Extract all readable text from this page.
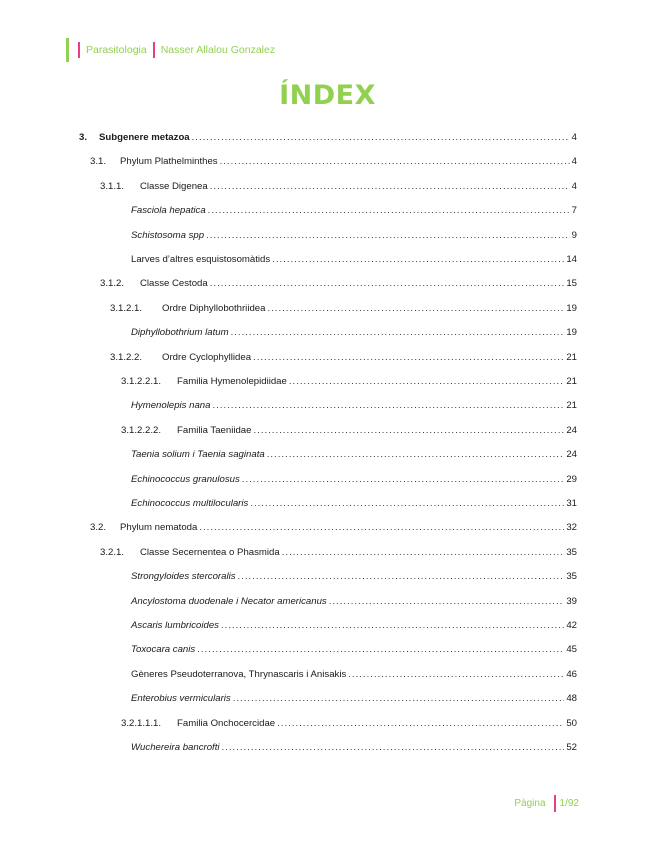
Parasitologia Nasser Allalou Gonzalez
ÍNDEX
3.	Subgenere metazoa .....	4
3.1.	Phylum Plathelminthes .....	4
3.1.1.	Classe Digenea .....	4
Fasciola hepatica .....	7
Schistosoma spp .....	9
Larves d’altres esquistosomàtids .....	14
3.1.2.	Classe Cestoda .....	15
3.1.2.1.	Ordre Diphyllobothriidea .....	19
Diphyllobothrium latum .....	19
3.1.2.2.	Ordre Cyclophyllidea .....	21
3.1.2.2.1.	Familia Hymenolepidiidae .....	21
Hymenolepis nana .....	21
3.1.2.2.2.	Familia Taeniidae .....	24
Taenia solium i Taenia saginata .....	24
Echinococcus granulosus .....	29
Echinococcus multilocularis .....	31
3.2.	Phylum nematoda .....	32
3.2.1.	Classe Secernentea o Phasmida .....	35
Strongyloides stercoralis .....	35
Ancylostoma duodenale i Necator americanus .....	39
Ascaris lumbricoides .....	42
Toxocara canis .....	45
Gèneres Pseudoterranova, Thrynascaris i Anisakis .....	46
Enterobius vermicularis .....	48
3.2.1.1.1.	Familia Onchocercidae .....	50
Wuchereira bancrofti .....	52
Pàgina 1/92
